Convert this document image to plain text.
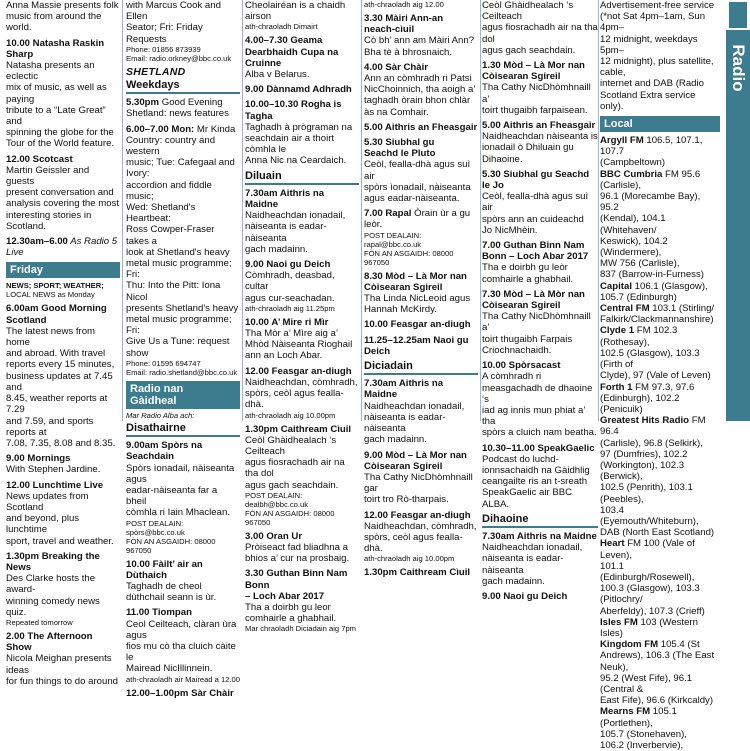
Anna Massie presents folk
music from around the world.
10.00 Natasha Raskin Sharp
Natasha presents an eclectic
mix of music, as well as paying
tribute to a “Late Great” and
spinning the globe for the
Tour of the World feature.
12.00 Scotcast
Martin Geissler and guests
present conversation and
analysis covering the most
interesting stories in Scotland.
12.30am–6.00 As Radio 5 Live
Friday
NEWS; SPORT; WEATHER;
LOCAL NEWS as Monday
6.00am Good Morning
Scotland
The latest news from home
and abroad. With travel
reports every 15 minutes,
business updates at 7.45 and
8.45, weather reports at 7.29
and 7.59, and sports reports at
7.08, 7.35, 8.08 and 8.35.
9.00 Mornings
With Stephen Jardine.
12.00 Lunchtime Live
News updates from Scotland
and beyond, plus lunchtime
sport, travel and weather.
1.30pm Breaking the News
Des Clarke hosts the award-
winning comedy news quiz.
Repeated tomorrow
2.00 The Afternoon Show
Nicola Meighan presents ideas
for fun things to do around
with Marcus Cook and Ellen
Seator; Fri: Friday Requests
Phone: 01856 873939
Email: radio.orkney@bbc.co.uk
SHETLAND
Weekdays
5.30pm Good Evening Shetland: news features
6.00–7.00 Mon: Mr Kinda
Country: country and western
music; Tue: Cafegaal and Ivory:
accordion and fiddle music;
Wed: Shetland's Heartbeat:
Ross Cowper-Fraser takes a
look at Shetland's heavy
metal music programme; Fri:
Thu: Into the Pitt: Iona Nicol
presents Shetland's heavy
metal music programme; Fri:
Give Us a Tune: request show
Phone: 01595 694747
Email: radio.shetland@bbc.co.uk
Radio nan
Gàidheal
Mar Radio Alba ach:
Disathairne
9.00am Spòrs na Seachdain
Spòrs ìonadail, nàiseanta agus
eadar-nàiseanta far a bheil
còmhla ri Iain Mhaclean.
POST DEALAIN: spòrs@bbc.co.uk
FÒN AN ASGAIDH: 08000 967050
10.00 Fàilt’ air an Dùthaich
Taghadh de cheol
dùthchail seann is ùr.
11.00 Tiompan
Ceol Ceilteach, clàran ùra agus
fios mu cò tha cluich càite le
Mairead NicIllinnein.
ath-chraoladh air Mairead a 12.00
12.00–1.00pm Sàr Chàir
Cheolairéan is a chaidh airson
ath-chraoladh Dimairt
4.00–7.30 Geama
Dearbhaidh Cupa na Cruinne
Alba v Belarus.
9.00 Dànnamd Adhradh
10.00–10.30 Rogha is Tagha
Taghadh à prògraman na
seachdain air a thoirt còmhla le
Anna Nic na Ceardaich.
Diluain
7.30am Aithris na Maidne
Naidheachdan ionadail,
nàiseanta is eadar-nàiseanta
gach madainn.
9.00 Naoi gu Deich
Còmhradh, deasbad, cultar
agus cur-seachadan.
ath-chraoladh aig 11.25pm
10.00 A’ Mire ri Mìr
Tha Mòr a’ Mìre aig a’
Mhòd Nàiseanta Rioghail
ann an Loch Abar.
12.00 Feasgar an-diugh
Naidheachdan, còmhradh,
spòrs, ceòl agus fealla-dhà.
ath-chraoladh aig 10.00pm
1.30pm Caithream Cìuil
Ceòl Ghàidhealach ‘s Ceilteach
agus fiosrachadh air na tha dol
agus gach seachdain.
POST DEALAIN: dealbh@bbc.co.uk
FÒN AN ASGAIDH: 08000 967050
3.00 Oran Ur
Pròiseact fad bliadhna a
bhios a’ cur na prosbaig.
3.30 Guthan Binn Nam Bonn
– Loch Abar 2017
Tha a doirbh gu leor
comhairle a ghabhail.
Mar chraoladh Diciadain aig 7pm
ath-chraoladh aig 12.00
3.30 Màiri Ann-an
neach-cìuil
Cò bh’ ann am Màiri Ann?
Bha tè à bhrosnaich.
4.00 Sàr Chàir
Ann an còmhradh ri Patsi
NicChoinnich, tha aoigh a’
taghadh òrain bhon chlàr
às na Comhair.
5.00 Aithris an Fheasgair
5.30 Siubhal gu
Seachd le Pluto
Ceòl, fealla-dhà agus suì air
spòrs ìonadail, nàiseanta
agus eadar-nàiseanta.
7.00 Rapal Òrain ùr a gu leòr.
POST DEALAIN: rapal@bbc.co.uk
FÒN AN ASGAIDH: 08000 967050
8.30 Mòd – Là Mor nan
Còisearan Sgireil
Tha Linda NicLeoid agus
Hannah McKirdy.
10.00 Feasgar an-diugh
11.25–12.25am Naoi gu Deich
Diciadain
7.30am Aithris na Maidne
Naidheachdan ionadail,
nàiseanta is eadar-nàiseanta
gach madainn.
9.00 Mòd – Là Mor nan
Còisearan Sgireil
Tha Cathy NicDhòmhnaill gar
toirt tro Rò-tharpais.
12.00 Feasgar an-diugh
Naidheachdan, còmhradh,
spòrs, ceòl agus fealla-dhà.
ath-chraoladh aig 10.00pm
1.30pm Caithream Cìuil
Ceòl Ghàidhealach ‘s Ceilteach
agus fiosrachadh air na tha dol
agus gach seachdain.
1.30 Mòd – Là Mor nan
Còisearan Sgireil
Tha Cathy NicDhòmhnaill a’
toirt thugaibh farpaisean.
5.00 Aithris an Fheasgair
Naidheachdan nàiseanta is
ionadail ò Dhiluain gu Dihaoine.
5.30 Siubhal gu Seachd le Jo
Ceòl, fealla-dhà agus suì air
spòrs ann an cuideachd
Jo NicMhèin.
7.00 Guthan Binn Nam
Bonn – Loch Abar 2017
Tha e doirbh gu leòr
comhairle a ghabhail.
7.30 Mòd – Là Mòr nan
Còisearan Sgireil
Tha Cathy NicDhòmhnaill a’
toirt thugaibh Farpais
Criochnachaidh.
10.00 Spòrsacast
A còmhradh ri
measgachadh de dhaoine ‘s
iad ag innis mun phiat a’ tha
spòrs a cluich nam beatha.
10.30–11.00 SpeakGaelic
Podcast do luchd-
ionnsachaidh na Gàidhlig
ceangailte ris an t-sreath
SpeakGaelic air BBC ALBA.
Dihaoine
7.30am Aithris na Maidne
Naidheachdan ionadail,
nàiseanta is eadar-nàiseanta
gach madainn.
9.00 Naoi gu Deich
Advertisement-free service
(*not Sat 4pm–1am, Sun 4pm–
12 midnight, weekdays 5pm–
12 midnight), plus satellite, cable,
internet and DAB (Radio
Scotland Extra service only).
Local
Argyll FM 106.5, 107.1, 107.7
(Campbeltown)
BBC Cumbria FM 95.6 (Carlisle),
96.1 (Morecambe Bay), 95.2
(Kendal), 104.1 (Whitehaven/
Keswick), 104.2 (Windermere),
MW 756 (Carlisle),
837 (Barrow-in-Furness)
Capital 106.1 (Glasgow),
105.7 (Edinburgh)
Central FM 103.1 (Stirling/
Falkirk/Clackmannanshire)
Clyde 1 FM 102.3 (Rothesay),
102.5 (Glasgow), 103.3 (Firth of
Clyde), 97 (Vale of Leven)
Forth 1 FM 97.3, 97.6
(Edinburgh), 102.2 (Penicuik)
Greatest Hits Radio FM 96.4
(Carlisle), 96.8 (Selkirk),
97 (Dumfries), 102.2
(Workington), 102.3 (Berwick),
102.5 (Penrith), 103.1 (Peebles),
103.4 (Eyemouth/Whiteburn),
DAB (North East Scotland)
Heart FM 100 (Vale of Leven),
101.1 (Edinburgh/Rosewell),
100.3 (Glasgow), 103.3 (Pitlochry/
Aberfeldy), 107.3 (Crieff)
Isles FM 103 (Western Isles)
Kingdom FM 105.4 (St
Andrews), 106.3 (The East Neuk),
95.2 (West Fife), 96.1 (Central &
East Fife), 96.6 (Kirkcaldy)
Mearns FM 105.1 (Portlethen),
105.7 (Stonehaven),
106.2 (Inverbervie),
Radio
